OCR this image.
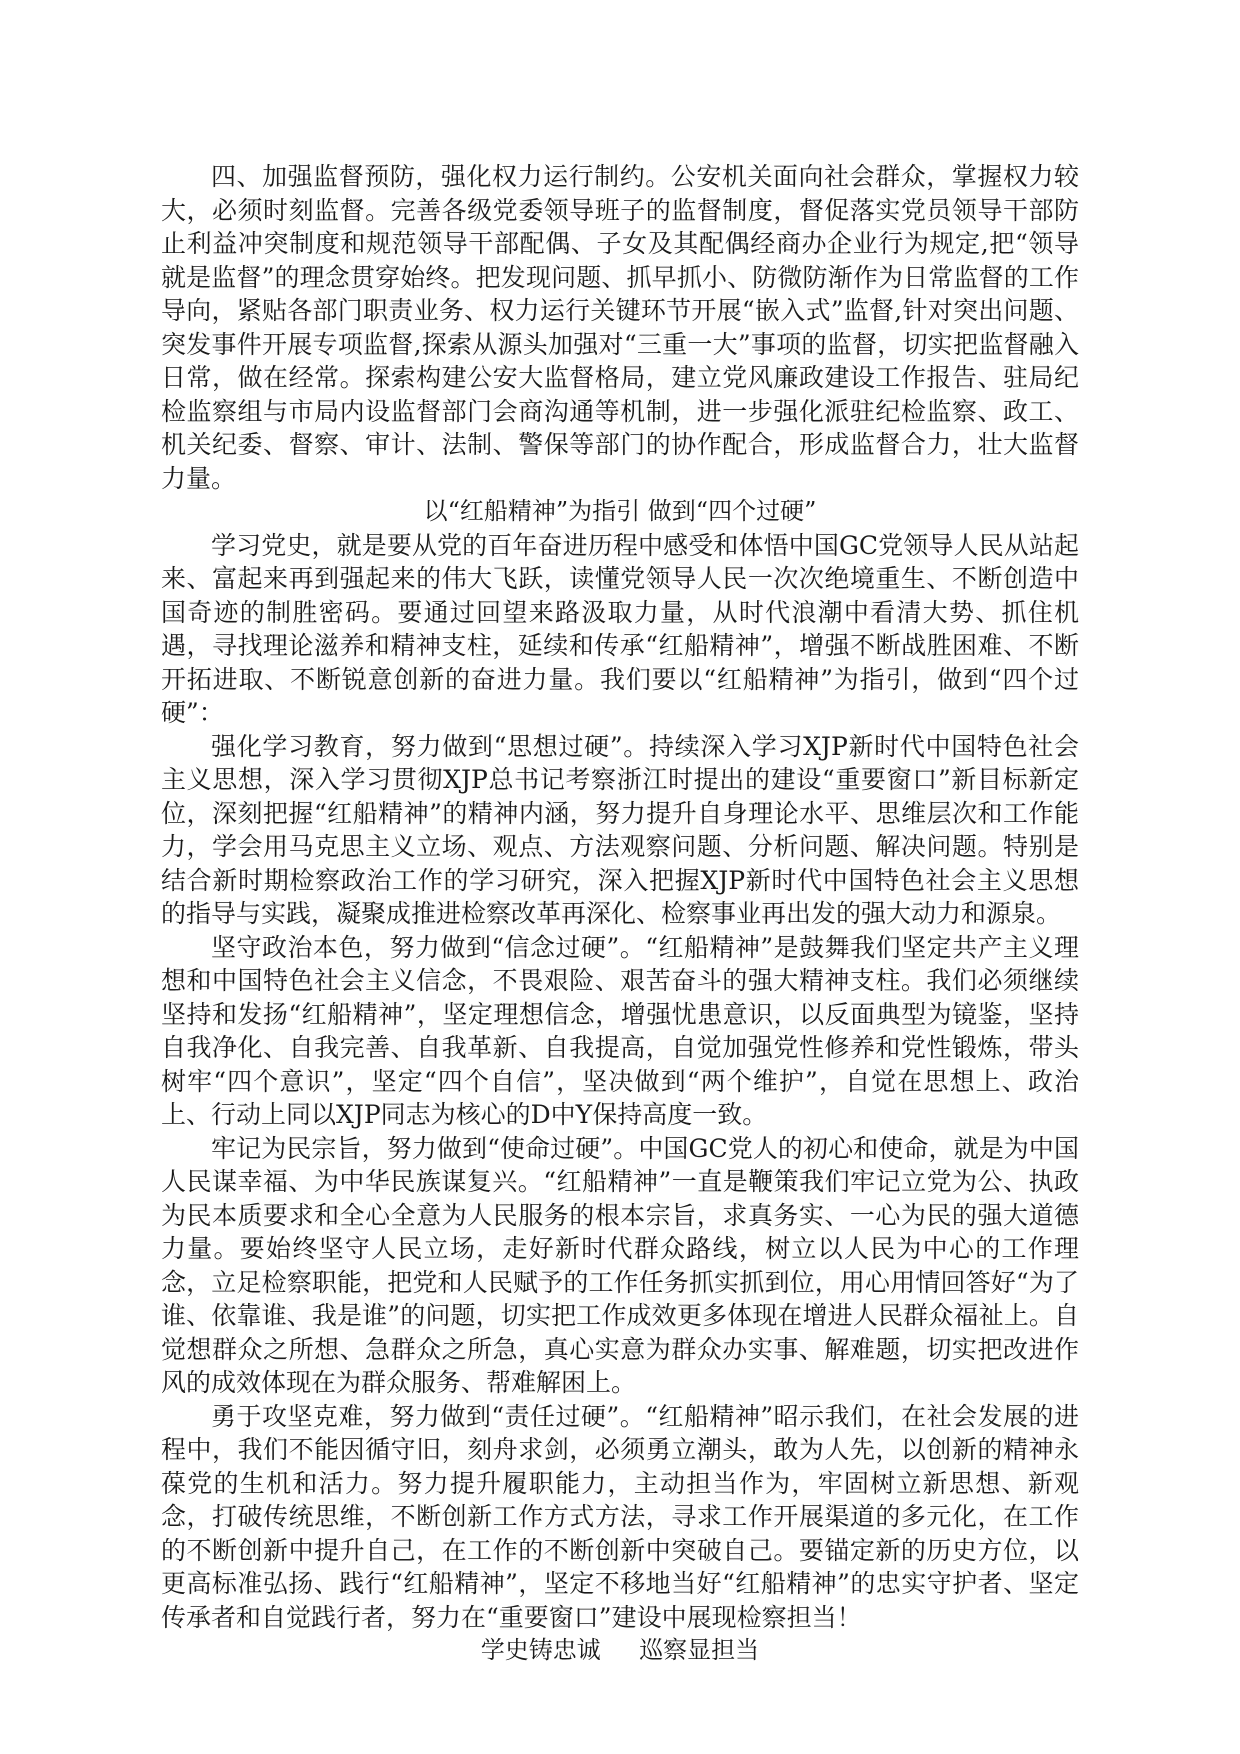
四、加强监督预防，强化权力运行制约。公安机关面向社会群众，掌握权力较大，必须时刻监督。完善各级党委领导班子的监督制度，督促落实党员领导干部防止利益冲突制度和规范领导干部配偶、子女及其配偶经商办企业行为规定,把“领导就是监督”的理念贯穿始终。把发现问题、抓早抓小、防微防渐作为日常监督的工作导向，紧贴各部门职责业务、权力运行关键环节开展“嵌入式”监督,针对突出问题、突发事件开展专项监督,探索从源头加强对“三重一大”事项的监督，切实把监督融入日常，做在经常。探索构建公安大监督格局，建立党风廉政建设工作报告、驻局纪检监察组与市局内设监督部门会商沟通等机制，进一步强化派驻纪检监察、政工、机关纪委、督察、审计、法制、警保等部门的协作配合，形成监督合力，壮大监督力量。

以“红船精神”为指引 做到“四个过硬”

学习党史，就是要从党的百年奋进历程中感受和体悟中国GC党领导人民从站起来、富起来再到强起来的伟大飞跃，读懂党领导人民一次次绝境重生、不断创造中国奇迹的制胜密码。要通过回望来路汲取力量，从时代浪潮中看清大势、抓住机遇，寻找理论滋养和精神支柱，延续和传承“红船精神”，增强不断战胜困难、不断开拓进取、不断锐意创新的奋进力量。我们要以“红船精神”为指引，做到“四个过硬”：

强化学习教育，努力做到“思想过硬”。持续深入学习XJP新时代中国特色社会主义思想，深入学习贯彻XJP总书记考察浙江时提出的建设“重要窗口”新目标新定位，深刻把握“红船精神”的精神内涵，努力提升自身理论水平、思维层次和工作能力，学会用马克思主义立场、观点、方法观察问题、分析问题、解决问题。特别是结合新时期检察政治工作的学习研究，深入把握XJP新时代中国特色社会主义思想的指导与实践，凝聚成推进检察改革再深化、检察事业再出发的强大动力和源泉。

坚守政治本色，努力做到“信念过硬”。“红船精神”是鼓舞我们坚定共产主义理想和中国特色社会主义信念，不畏艰险、艰苦奋斗的强大精神支柱。我们必须继续坚持和发扬“红船精神”，坚定理想信念，增强忧患意识，以反面典型为镜鉴，坚持自我净化、自我完善、自我革新、自我提高，自觉加强党性修养和党性锻炼，带头树牢“四个意识”，坚定“四个自信”，坚决做到“两个维护”，自觉在思想上、政治上、行动上同以XJP同志为核心的D中Y保持高度一致。

牢记为民宗旨，努力做到“使命过硬”。中国GC党人的初心和使命，就是为中国人民谋幸福、为中华民族谋复兴。“红船精神”一直是鞭策我们牢记立党为公、执政为民本质要求和全心全意为人民服务的根本宗旨，求真务实、一心为民的强大道德力量。要始终坚守人民立场，走好新时代群众路线，树立以人民为中心的工作理念，立足检察职能，把党和人民赋予的工作任务抓实抓到位，用心用情回答好“为了谁、依靠谁、我是谁”的问题，切实把工作成效更多体现在增进人民群众福祉上。自觉想群众之所想、急群众之所急，真心实意为群众办实事、解难题，切实把改进作风的成效体现在为群众服务、帮难解困上。

勇于攻坚克难，努力做到“责任过硬”。“红船精神”昭示我们，在社会发展的进程中，我们不能因循守旧，刻舟求剑，必须勇立潮头，敢为人先，以创新的精神永葆党的生机和活力。努力提升履职能力，主动担当作为，牢固树立新思想、新观念，打破传统思维，不断创新工作方式方法，寻求工作开展渠道的多元化，在工作的不断创新中提升自己，在工作的不断创新中突破自己。要锚定新的历史方位，以更高标准弘扬、践行“红船精神”，坚定不移地当好“红船精神”的忠实守护者、坚定传承者和自觉践行者，努力在“重要窗口”建设中展现检察担当！

学史铸忠诚 巡察显担当
